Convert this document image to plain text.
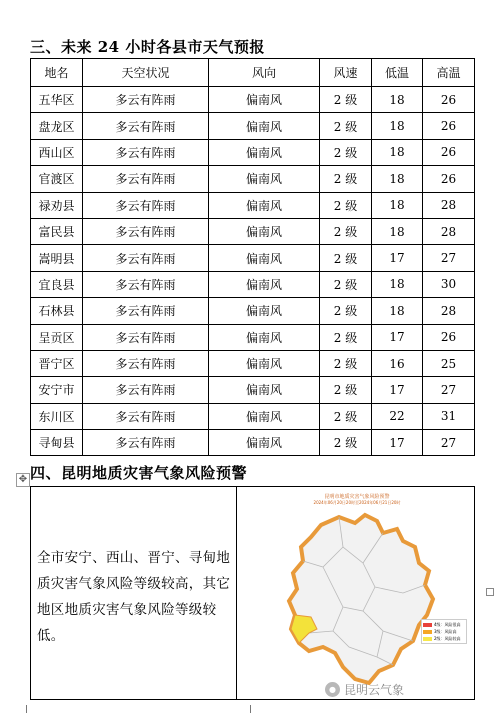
三、未来 24 小时各县市天气预报
地名	天空状况	风向	风速	低温	高温
五华区	多云有阵雨	偏南风	2 级	18	26
盘龙区	多云有阵雨	偏南风	2 级	18	26
西山区	多云有阵雨	偏南风	2 级	18	26
官渡区	多云有阵雨	偏南风	2 级	18	26
禄劝县	多云有阵雨	偏南风	2 级	18	28
富民县	多云有阵雨	偏南风	2 级	18	28
嵩明县	多云有阵雨	偏南风	2 级	17	27
宜良县	多云有阵雨	偏南风	2 级	18	30
石林县	多云有阵雨	偏南风	2 级	18	28
呈贡区	多云有阵雨	偏南风	2 级	17	26
晋宁区	多云有阵雨	偏南风	2 级	16	25
安宁市	多云有阵雨	偏南风	2 级	17	27
东川区	多云有阵雨	偏南风	2 级	22	31
寻甸县	多云有阵雨	偏南风	2 级	17	27
✥ 四、昆明地质灾害气象风险预警
全市安宁、西山、晋宁、寻甸地质灾害气象风险等级较高，其它地区地质灾害气象风险等级较低。
昆明市地质灾害气象风险预警
2024年06月20日20时至2024年06月21日20时
4级：风险很高
3级：风险高
2级：风险较高
● 昆明云气象
